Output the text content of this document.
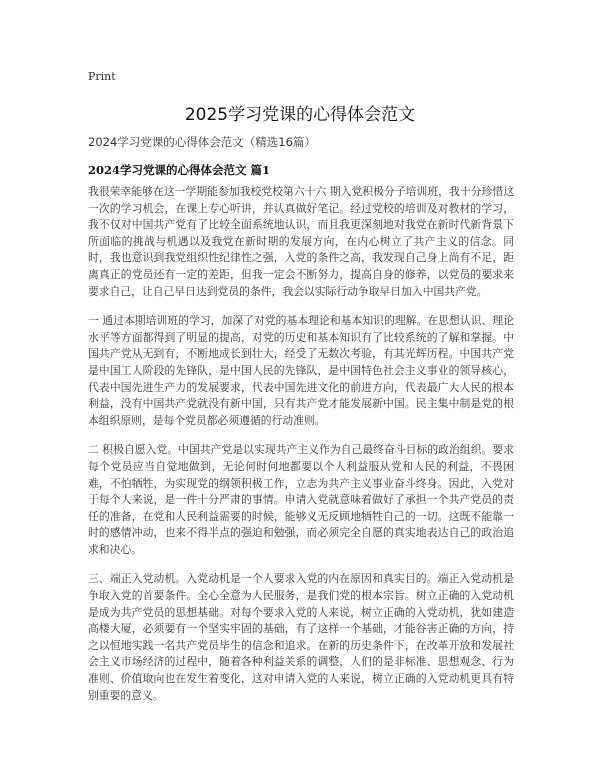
Print
2025学习党课的心得体会范文
2024学习党课的心得体会范文（精选16篇）
2024学习党课的心得体会范文 篇1

我很荣幸能够在这一学期能参加我校党校第六十六 期入党积极分子培训班，我十分珍惜这一次的学习机会，在课上专心听讲，并认真做好笔记。经过党校的培训及对教材的学习，我不仅对中国共产党有了比较全面系统地认识，而且我更深刻地对我党在新时代新背景下所面临的挑战与机遇以及我党在新时期的发展方向，在内心树立了共产主义的信念。同时，我也意识到我党组织性纪律性之强，入党的条件之高，我发现自己身上尚有不足，距离真正的党员还有一定的差距，但我一定会不断努力，提高自身的修养，以党员的要求来要求自己，让自己早日达到党员的条件，我会以实际行动争取早日加入中国共产党。

一 通过本期培训班的学习，加深了对党的基本理论和基本知识的理解。在思想认识、理论水平等方面都得到了明显的提高，对党的历史和基本知识有了比较系统的了解和掌握。中国共产党从无到有，不断地成长到壮大，经受了无数次考验，有其光辉历程。中国共产党是中国工人阶段的先锋队，是中国人民的先锋队，是中国特色社会主义事业的领导核心，代表中国先进生产力的发展要求，代表中国先进文化的前进方向，代表最广大人民的根本利益，没有中国共产党就没有新中国，只有共产党才能发展新中国。民主集中制是党的根本组织原则，是每个党员都必须遵循的行动准则。

二 积极自愿入党。中国共产党是以实现共产主义作为自己最终奋斗目标的政治组织。要求每个党员应当自觉地做到，无论何时何地都要以个人利益服从党和人民的利益，不畏困难，不怕牺牲，为实现党的纲领积极工作，立志为共产主义事业奋斗终身。因此，入党对于每个人来说，是一件十分严肃的事情。申请入党就意味着做好了承担一个共产党员的责任的准备，在党和人民利益需要的时候，能够义无反顾地牺牲自己的一切。这既不能靠一时的感情冲动，也来不得半点的强迫和勉强，而必须完全自愿的真实地表达自己的政治追求和决心。

三、端正入党动机。入党动机是一个人要求入党的内在原因和真实目的。端正入党动机是争取入党的首要条件。全心全意为人民服务，是我们党的根本宗旨。树立正确的入党动机是成为共产党员的思想基础。对每个要求入党的人来说，树立正确的入党动机，犹如建造高楼大厦，必须要有一个坚实牢固的基础，有了这样一个基础，才能谷害正确的方向，持之以恒地实践一名共产党员毕生的信念和追求。在新的历史条件下，在改革开放和发展社会主义市场经济的过程中，随着各种利益关系的调整，人们的是非标准、思想观念、行为准则、价值取向也在发生着变化，这对申请入党的人来说，树立正确的入党动机更具有特别重要的意义。
